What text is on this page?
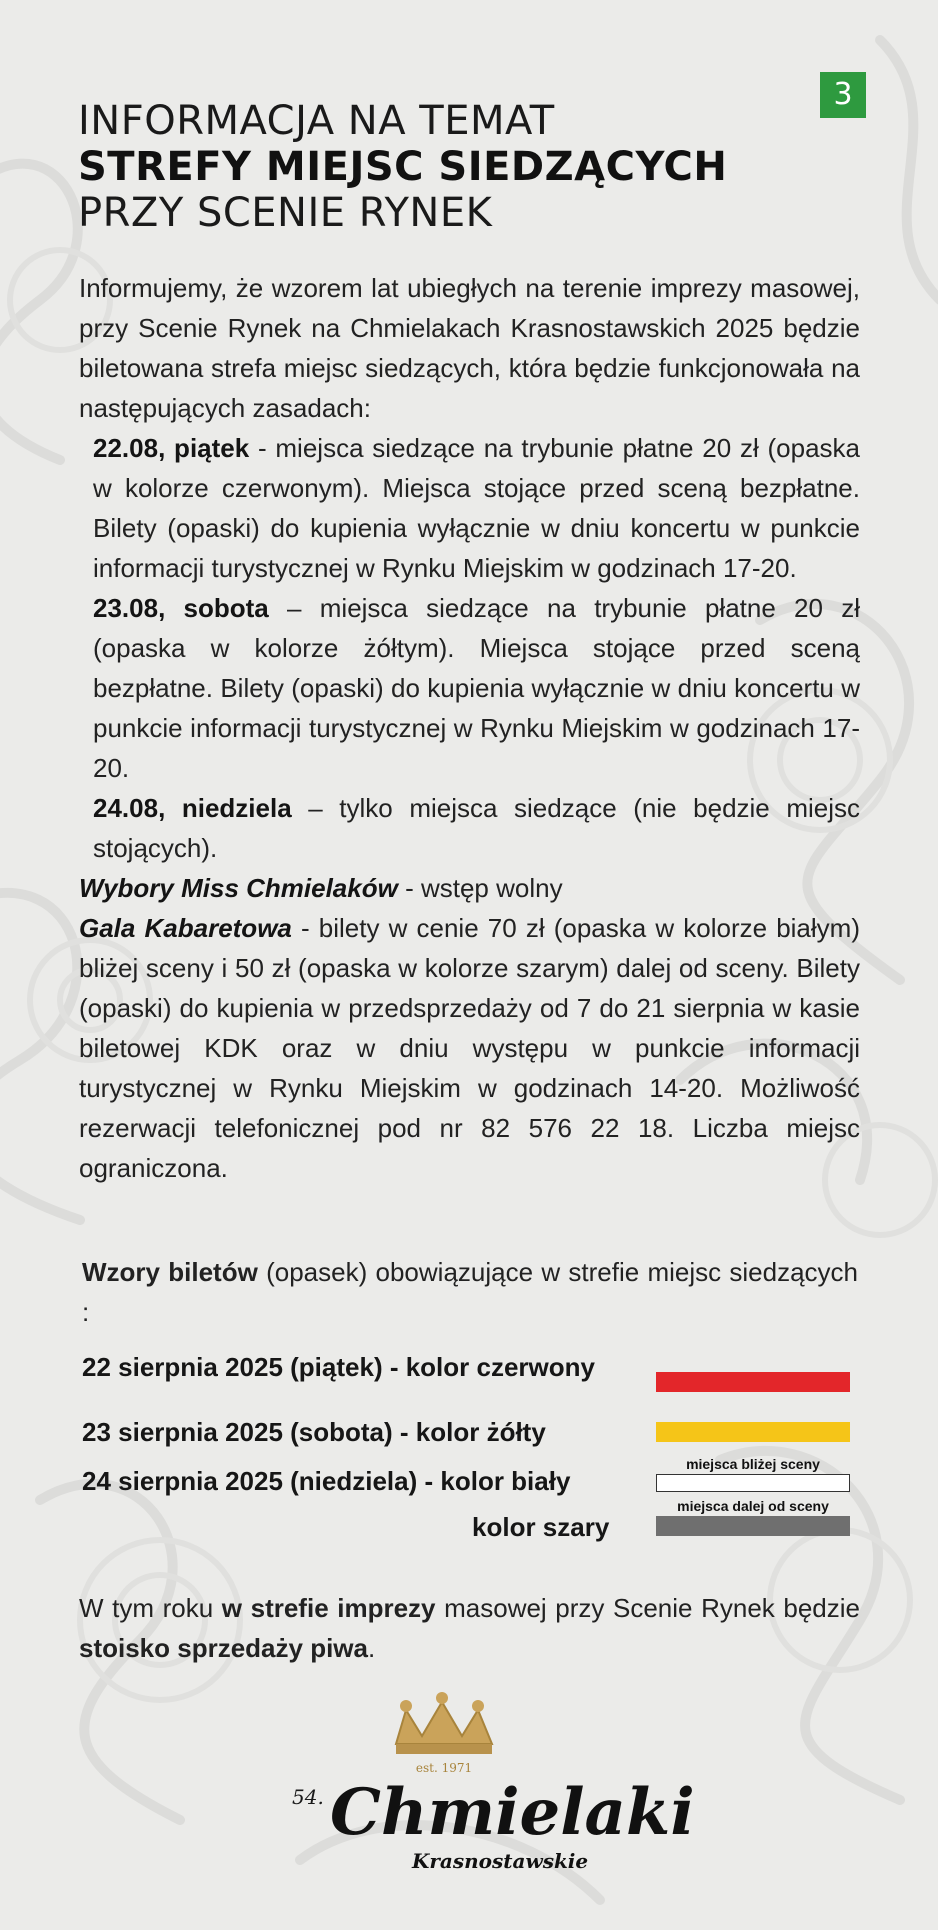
3
INFORMACJA NA TEMAT
STREFY MIEJSC SIEDZĄCYCH
PRZY SCENIE RYNEK

Informujemy, że wzorem lat ubiegłych na terenie imprezy masowej, przy Scenie Rynek na Chmielakach Krasnostawskich 2025 będzie biletowana strefa miejsc siedzących, która będzie funkcjonowała na następujących zasadach:

22.08, piątek - miejsca siedzące na trybunie płatne 20 zł (opaska w kolorze czerwonym). Miejsca stojące przed sceną bezpłatne. Bilety (opaski) do kupienia wyłącznie w dniu koncertu w punkcie informacji turystycznej w Rynku Miejskim w godzinach 17-20.

23.08, sobota – miejsca siedzące na trybunie płatne 20 zł (opaska w kolorze żółtym). Miejsca stojące przed sceną bezpłatne. Bilety (opaski) do kupienia wyłącznie w dniu koncertu w punkcie informacji turystycznej w Rynku Miejskim w godzinach 17-20.

24.08, niedziela – tylko miejsca siedzące (nie będzie miejsc stojących).

Wybory Miss Chmielaków - wstęp wolny

Gala Kabaretowa - bilety w cenie 70 zł (opaska w kolorze białym) bliżej sceny i 50 zł (opaska w kolorze szarym) dalej od sceny. Bilety (opaski) do kupienia w przedsprzedaży od 7 do 21 sierpnia w kasie biletowej KDK oraz w dniu występu w punkcie informacji turystycznej w Rynku Miejskim w godzinach 14-20. Możliwość rezerwacji telefonicznej pod nr 82 576 22 18. Liczba miejsc ograniczona.

Wzory biletów (opasek) obowiązujące w strefie miejsc siedzących :
22 sierpnia 2025 (piątek) - kolor czerwony
23 sierpnia 2025 (sobota) - kolor żółty
24 sierpnia 2025 (niedziela) - kolor biały
miejsca bliżej sceny
kolor szary
miejsca dalej od sceny
W tym roku w strefie imprezy masowej przy Scenie Rynek będzie stoisko sprzedaży piwa.
est. 1971
54. Chmielaki
Krasnostawskie
